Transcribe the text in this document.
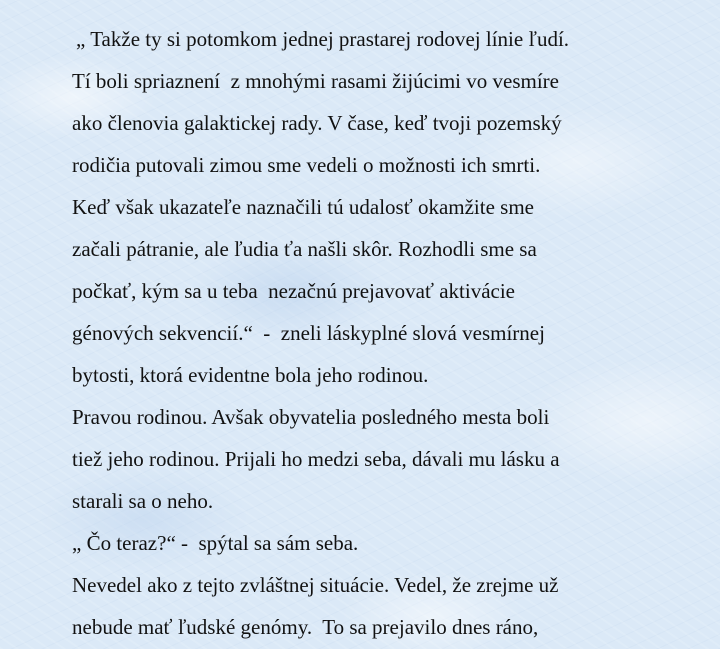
„ Takže ty si potomkom jednej prastarej rodovej línie ľudí.

Tí boli spriaznení  z mnohými rasami žijúcimi vo vesmíre

ako členovia galaktickej rady. V čase, keď tvoji pozemský

rodičia putovali zimou sme vedeli o možnosti ich smrti.

Keď však ukazateľe naznačili tú udalosť okamžite sme

začali pátranie, ale ľudia ťa našli skôr. Rozhodli sme sa

počkať, kým sa u teba  nezačnú prejavovať aktivácie

génových sekvencií.“  -  zneli láskyplné slová vesmírnej

bytosti, ktorá evidentne bola jeho rodinou.

Pravou rodinou. Avšak obyvatelia posledného mesta boli

tiež jeho rodinou. Prijali ho medzi seba, dávali mu lásku a

starali sa o neho.

„ Čo teraz?“ -  spýtal sa sám seba.

Nevedel ako z tejto zvláštnej situácie. Vedel, že zrejme už

nebude mať ľudské genómy.  To sa prejavilo dnes ráno,
